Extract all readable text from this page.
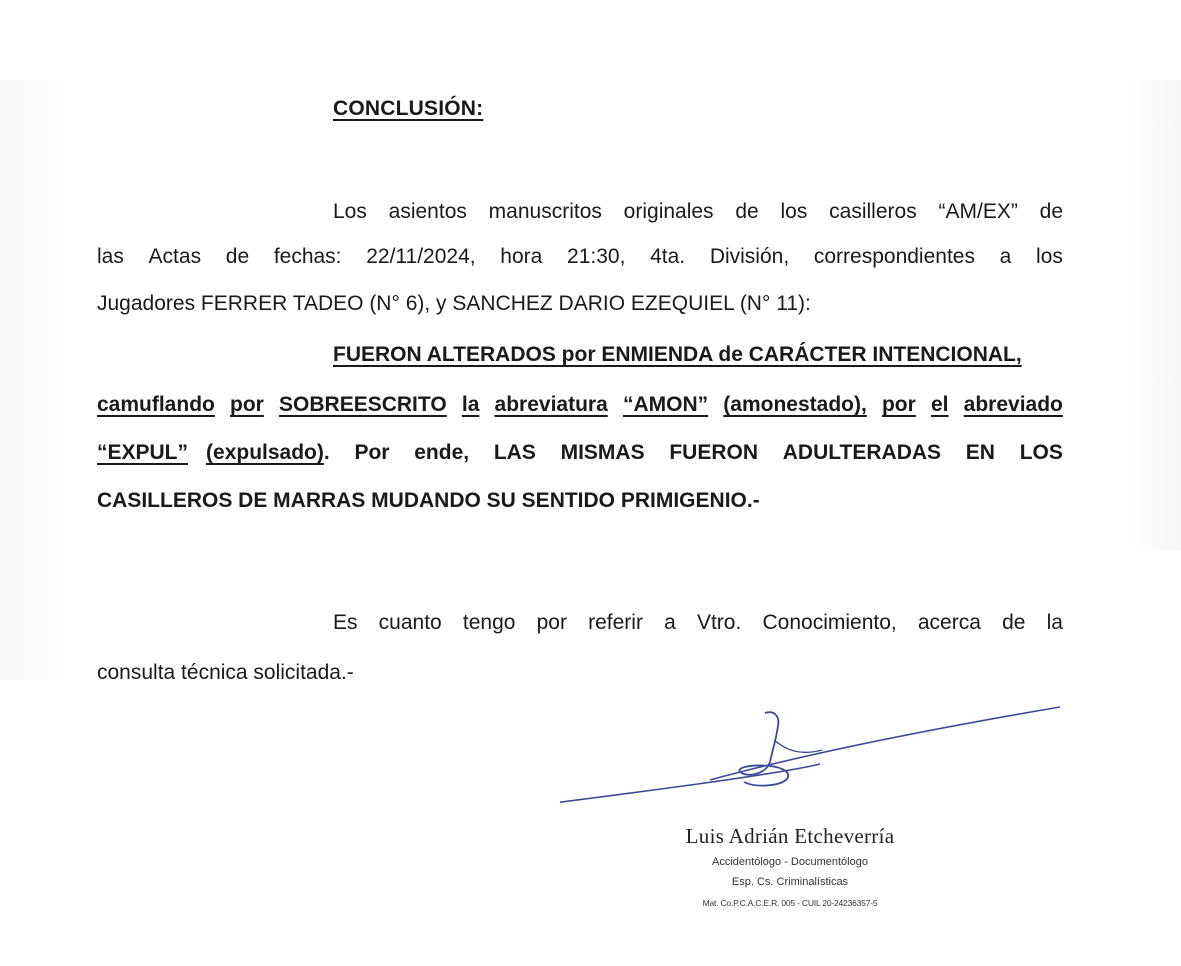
CONCLUSIÓN:
Los asientos manuscritos originales de los casilleros “AM/EX” de
las Actas de fechas: 22/11/2024, hora 21:30, 4ta. División, correspondientes a los
Jugadores FERRER TADEO (N° 6), y SANCHEZ DARIO EZEQUIEL (N° 11):
FUERON ALTERADOS por ENMIENDA de CARÁCTER INTENCIONAL,
camuflando por SOBREESCRITO la abreviatura “AMON” (amonestado), por el abreviado
“EXPUL” (expulsado). Por ende, LAS MISMAS FUERON ADULTERADAS EN LOS
CASILLEROS DE MARRAS MUDANDO SU SENTIDO PRIMIGENIO.-
Es cuanto tengo por referir a Vtro. Conocimiento, acerca de la
consulta técnica solicitada.-
Luis Adrián Etcheverría
Accidentólogo - Documentólogo
Esp. Cs. Criminalísticas
Mat. Co.P.C.A.C.E.R. 005 - CUIL 20-24236357-5
